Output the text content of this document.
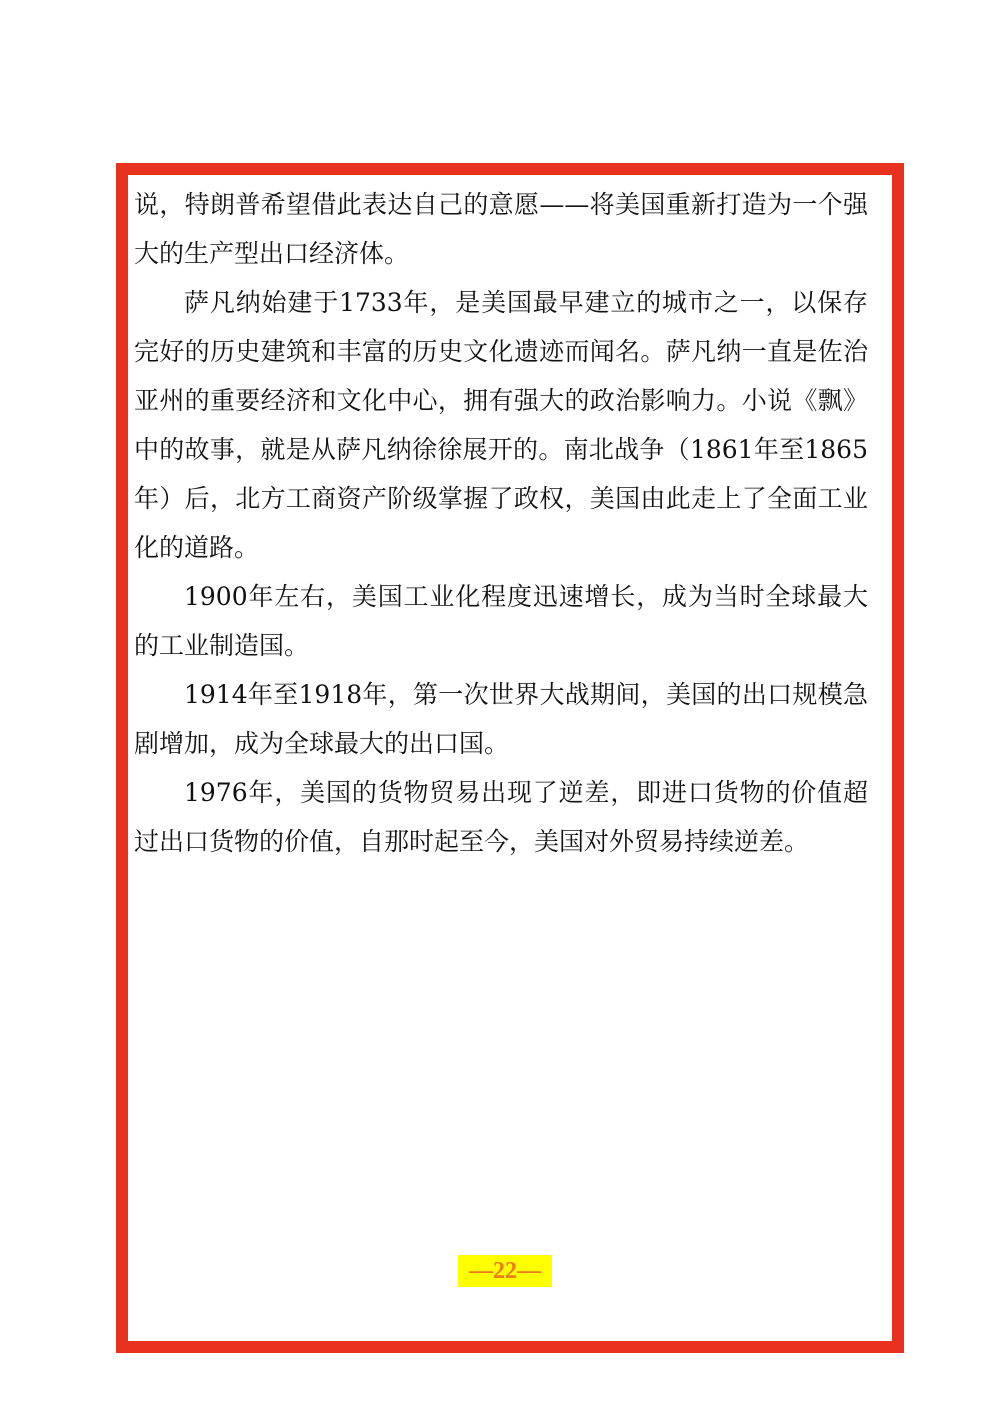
说，特朗普希望借此表达自己的意愿——将美国重新打造为一个强大的生产型出口经济体。

萨凡纳始建于1733年，是美国最早建立的城市之一，以保存完好的历史建筑和丰富的历史文化遗迹而闻名。萨凡纳一直是佐治亚州的重要经济和文化中心，拥有强大的政治影响力。小说《飘》中的故事，就是从萨凡纳徐徐展开的。南北战争（1861年至1865年）后，北方工商资产阶级掌握了政权，美国由此走上了全面工业化的道路。

1900年左右，美国工业化程度迅速增长，成为当时全球最大的工业制造国。

1914年至1918年，第一次世界大战期间，美国的出口规模急剧增加，成为全球最大的出口国。

1976年，美国的货物贸易出现了逆差，即进口货物的价值超过出口货物的价值，自那时起至今，美国对外贸易持续逆差。

—22—
